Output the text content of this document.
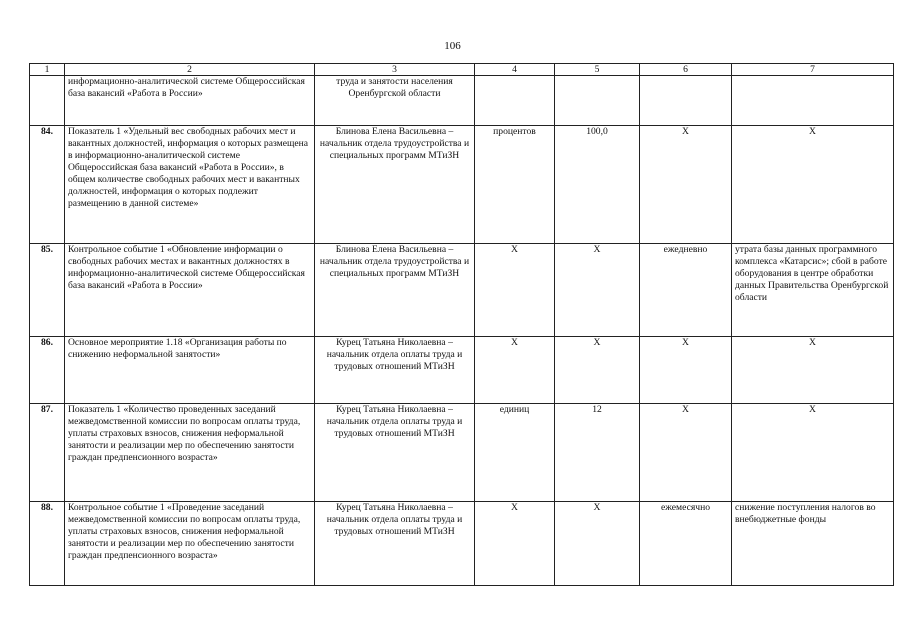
106
1	2	3	4	5	6	7
	информационно-аналитической системе Общероссийская база вакансий «Работа в России»	труда и занятости населения Оренбургской области				
84.	Показатель 1 «Удельный вес свободных рабочих мест и вакантных должностей, информация о которых размещена в информационно-аналитической системе Общероссийская база вакансий «Работа в России», в общем количестве свободных рабочих мест и вакантных должностей, информация о которых подлежит размещению в данной системе»	Блинова Елена Васильевна – начальник отдела трудоустройства и специальных программ МТиЗН	процентов	100,0	Х	Х
85.	Контрольное событие 1 «Обновление информации о свободных рабочих местах и вакантных должностях в информационно-аналитической системе Общероссийская база вакансий «Работа в России»	Блинова Елена Васильевна – начальник отдела трудоустройства и специальных программ МТиЗН	Х	Х	ежедневно	утрата базы данных программного комплекса «Катарсис»; сбой в работе оборудования в центре обработки данных Правительства Оренбургской области
86.	Основное мероприятие 1.18 «Организация работы по снижению неформальной занятости»	Курец Татьяна Николаевна – начальник отдела оплаты труда и трудовых отношений МТиЗН	Х	Х	Х	Х
87.	Показатель 1 «Количество проведенных заседаний межведомственной комиссии по вопросам оплаты труда, уплаты страховых взносов, снижения неформальной занятости и реализации мер по обеспечению занятости граждан предпенсионного возраста»	Курец Татьяна Николаевна – начальник отдела оплаты труда и трудовых отношений МТиЗН	единиц	12	Х	Х
88.	Контрольное событие 1 «Проведение заседаний межведомственной комиссии по вопросам оплаты труда, уплаты страховых взносов, снижения неформальной занятости и реализации мер по обеспечению занятости граждан предпенсионного возраста»	Курец Татьяна Николаевна – начальник отдела оплаты труда и трудовых отношений МТиЗН	Х	Х	ежемесячно	снижение поступления налогов во внебюджетные фонды
